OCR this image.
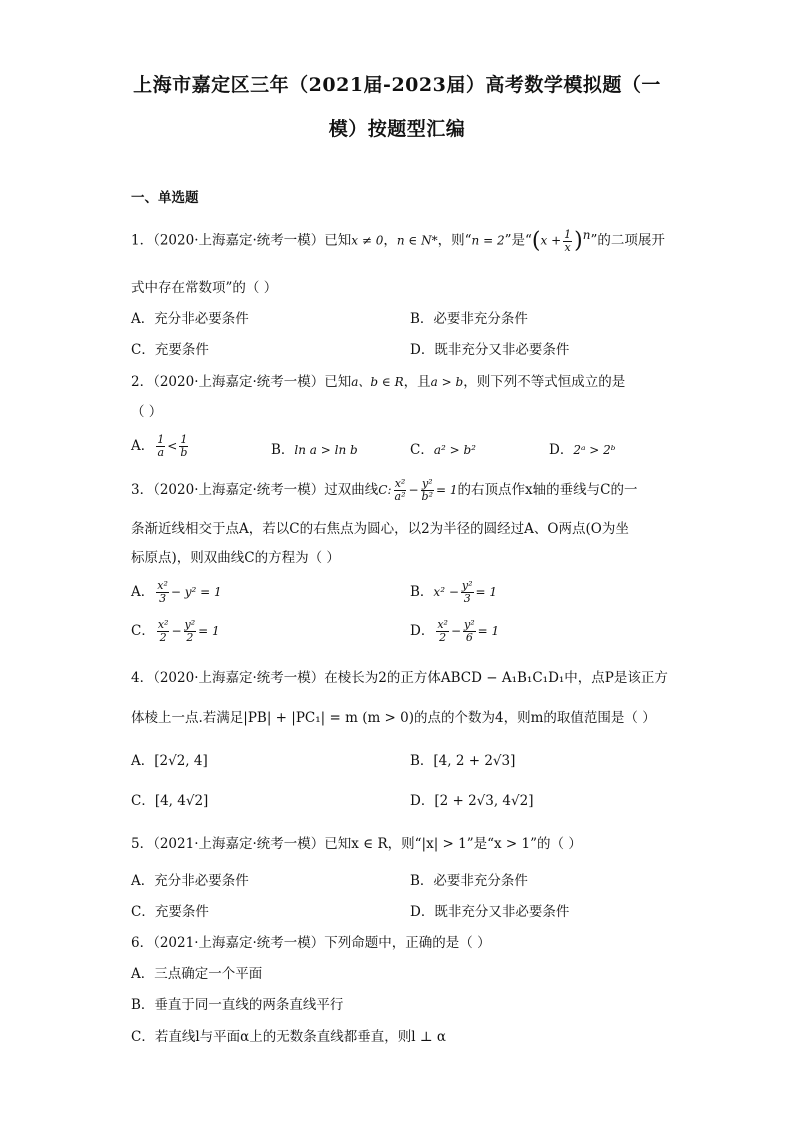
上海市嘉定区三年（2021届-2023届）高考数学模拟题（一
模）按题型汇编
一、单选题
1．（2020·上海嘉定·统考一模）已知x ≠ 0，n ∈ N*，则“n = 2”是“$(x + \frac{1}{x} )^n$”的二项展开
式中存在常数项”的（ ）
A．充分非必要条件	B．必要非充分条件
C．充要条件	D．既非充分又非必要条件
2．（2020·上海嘉定·统考一模）已知a、b ∈ R，且a > b，则下列不等式恒成立的是
（ ）
A． $\frac{1}{a} < \frac{1}{b}$	B．ln a > ln b	C．a² > b²	D．2ᵃ > 2ᵇ
3．（2020·上海嘉定·统考一模）过双曲线C: $\frac{\text{x²}}{\text{a²}} - \frac{\text{y²}}{\text{b²}} = 1$的右顶点作x轴的垂线与C的一
条渐近线相交于点A，若以C的右焦点为圆心，以2为半径的圆经过A、O两点(O为坐
标原点)，则双曲线C的方程为（ ）
A． $\frac{\text{x²}}{3} - y^2 = 1$	B．$x^2 - \frac{\text{y²}}{3} = 1$
C． $\frac{\text{x²}}{2} - \frac{\text{y²}}{2} = 1$	D． $\frac{\text{x²}}{2} - \frac{\text{y²}}{6} = 1$
4．（2020·上海嘉定·统考一模）在棱长为2的正方体ABCD − A₁B₁C₁D₁中，点P是该正方
体棱上一点.若满足|PB| + |PC₁| = m (m > 0)的点的个数为4，则m的取值范围是（ ）
A．[2√2, 4]	B．[4, 2 + 2√3]
C．[4, 4√2]	D．[2 + 2√3, 4√2]
5．（2021·上海嘉定·统考一模）已知x ∈ R，则“|x| > 1”是“x > 1”的（ ）
A．充分非必要条件	B．必要非充分条件
C．充要条件	D．既非充分又非必要条件
6．（2021·上海嘉定·统考一模）下列命题中，正确的是（ ）
A．三点确定一个平面
B．垂直于同一直线的两条直线平行
C．若直线l与平面α上的无数条直线都垂直，则l ⊥ α
